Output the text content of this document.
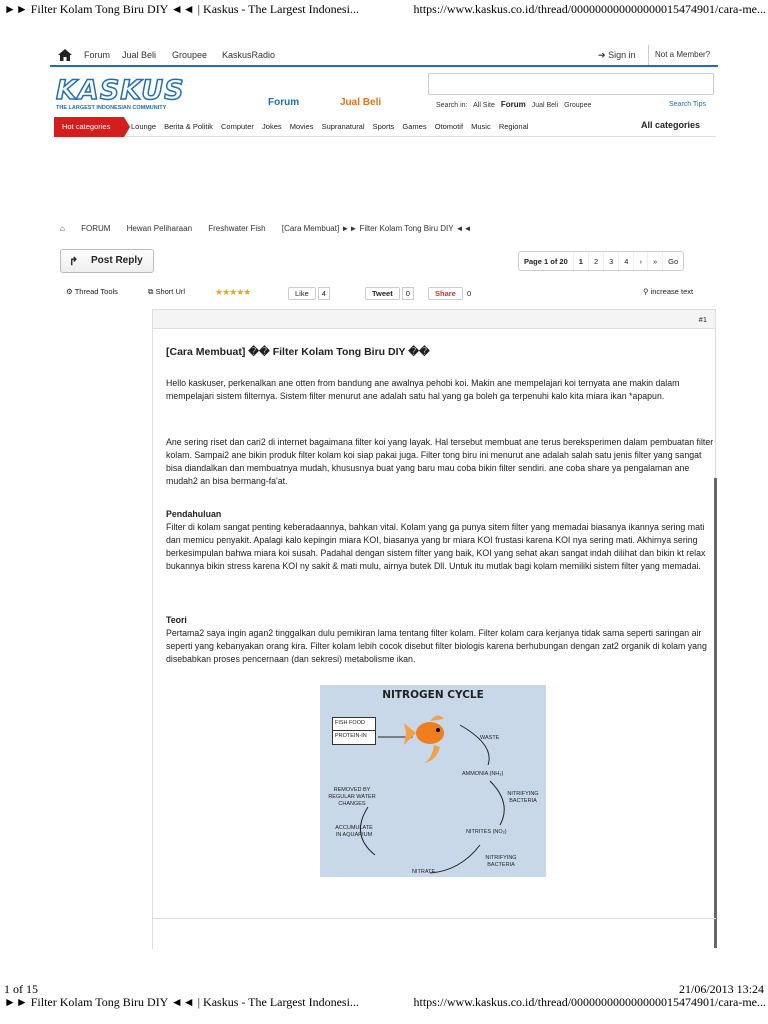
►► Filter Kolam Tong Biru DIY ◄◄ | Kaskus - The Largest Indonesi...	https://www.kaskus.co.id/thread/000000000000000015474901/cara-me...
Forum Jual Beli Groupee KaskusRadio	➔ Sign in	Not a Member?
KASKUS
THE LARGEST INDONESIAN COMMUNITY	Forum	Jual Beli	Search in: All Site Forum Jual Beli Groupee	Search Tips
Hot categories	Lounge Berita & Politik Computer Jokes Movies Supranatural Sports Games Otomotif Music Regional	All categories
⌂ FORUM Hewan Peliharaan Freshwater Fish [Cara Membuat] ►► Filter Kolam Tong Biru DIY ◄◄
↱ Post Reply	Page 1 of 20	1	2	3	4	›	»	Go
⚙ Thread Tools	⧉ Short Url	★★★★★	Like 4	Tweet 0	Share 0	⚲ increase text
#1
[Cara Membuat] �� Filter Kolam Tong Biru DIY ��
Hello kaskuser, perkenalkan ane otten from bandung ane awalnya pehobi koi. Makin ane mempelajari koi ternyata ane makin dalam mempelajari sistem filternya. Sistem filter menurut ane adalah satu hal yang ga boleh ga terpenuhi kalo kita miara ikan *apapun.
Ane sering riset dan cari2 di internet bagaimana filter koi yang layak. Hal tersebut membuat ane terus bereksperimen dalam pembuatan filter kolam. Sampai2 ane bikin produk filter kolam koi siap pakai juga. Filter tong biru ini menurut ane adalah salah satu jenis filter yang sangat bisa diandalkan dan membuatnya mudah, khususnya buat yang baru mau coba bikin filter sendiri. ane coba share ya pengalaman ane mudah2 an bisa bermang-fa'at.
Pendahuluan
Filter di kolam sangat penting keberadaannya, bahkan vital. Kolam yang ga punya sitem filter yang memadai biasanya ikannya sering mati dan memicu penyakit. Apalagi kalo kepingin miara KOI, biasanya yang br miara KOI frustasi karena KOI nya sering mati. Akhirnya sering berkesimpulan bahwa miara koi susah. Padahal dengan sistem filter yang baik, KOI yang sehat akan sangat indah dilihat dan bikin kt relax bukannya bikin stress karena KOI ny sakit & mati mulu, airnya butek Dll. Untuk itu mutlak bagi kolam memiliki sistem filter yang memadai.
Teori
Pertama2 saya ingin agan2 tinggalkan dulu pemikiran lama tentang filter kolam. Filter kolam cara kerjanya tidak sama seperti saringan air seperti yang kebanyakan orang kira. Filter kolam lebih cocok disebut filter biologis karena berhubungan dengan zat2 organik di kolam yang disebabkan proses pencernaan (dan sekresi) metabolisme ikan.
NITROGEN CYCLE
FISH FOOD
PROTEIN-IN	WASTE
AMMONIA (NH₃)
NITRIFYING BACTERIA
NITRITES (NO₂)
NITRIFYING BACTERIA
NITRATE
ACCUMULATE IN AQUARIUM
REMOVED BY REGULAR WATER CHANGES
1 of 15	21/06/2013 13:24
►► Filter Kolam Tong Biru DIY ◄◄ | Kaskus - The Largest Indonesi...	https://www.kaskus.co.id/thread/000000000000000015474901/cara-me...
